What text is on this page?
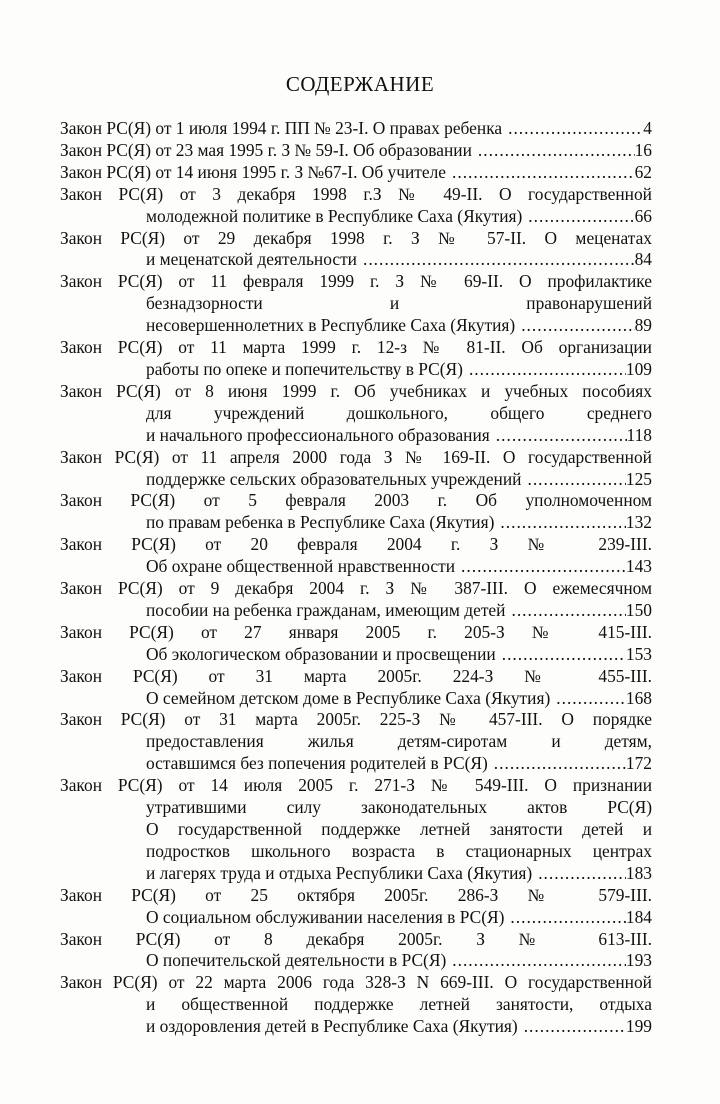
СОДЕРЖАНИЕ
Закон РС(Я) от 1 июля 1994 г. ПП № 23-I. О правах ребенка .....	4
Закон РС(Я) от 23 мая 1995 г. З № 59-I. Об образовании .....	16
Закон РС(Я) от 14 июня 1995 г. З №67-I. Об учителе .....	62
Закон РС(Я) от 3 декабря 1998 г.З № 49-II. О государственной
молодежной политике в Республике Саха (Якутия) .....	66
Закон РС(Я) от 29 декабря 1998 г. З № 57-II. О меценатах
и меценатской деятельности .....	84
Закон РС(Я) от 11 февраля 1999 г. З № 69-II. О профилактике
безнадзорности и правонарушений
несовершеннолетних в Республике Саха (Якутия) .....	89
Закон РС(Я) от 11 марта 1999 г. 12-з № 81-II. Об организации
работы по опеке и попечительству в РС(Я) .....	109
Закон РС(Я) от 8 июня 1999 г. Об учебниках и учебных пособиях
для учреждений дошкольного, общего среднего
и начального профессионального образования .....	118
Закон РС(Я) от 11 апреля 2000 года З № 169-II. О государственной
поддержке сельских образовательных учреждений .....	125
Закон РС(Я) от 5 февраля 2003 г. Об уполномоченном
по правам ребенка в Республике Саха (Якутия) .....	132
Закон РС(Я) от 20 февраля 2004 г. З № 239-III.
Об охране общественной нравственности .....	143
Закон РС(Я) от 9 декабря 2004 г. З № 387-III. О ежемесячном
пособии на ребенка гражданам, имеющим детей .....	150
Закон РС(Я) от 27 января 2005 г. 205-З № 415-III.
Об экологическом образовании и просвещении .....	153
Закон РС(Я) от 31 марта 2005г. 224-З № 455-III.
О семейном детском доме в Республике Саха (Якутия) .....	168
Закон РС(Я) от 31 марта 2005г. 225-З № 457-III. О порядке
предоставления жилья детям-сиротам и детям,
оставшимся без попечения родителей в РС(Я) .....	172
Закон РС(Я) от 14 июля 2005 г. 271-З № 549-III. О признании
утратившими силу законодательных актов РС(Я)
О государственной поддержке летней занятости детей и
подростков школьного возраста в стационарных центрах
и лагерях труда и отдыха Республики Саха (Якутия) .....	183
Закон РС(Я) от 25 октября 2005г. 286-З № 579-III.
О социальном обслуживании населения в РС(Я) .....	184
Закон РС(Я) от 8 декабря 2005г. З № 613-III.
О попечительской деятельности в РС(Я) .....	193
Закон РС(Я) от 22 марта 2006 года 328-З N 669-III. О государственной
и общественной поддержке летней занятости, отдыха
и оздоровления детей в Республике Саха (Якутия) .....	199
